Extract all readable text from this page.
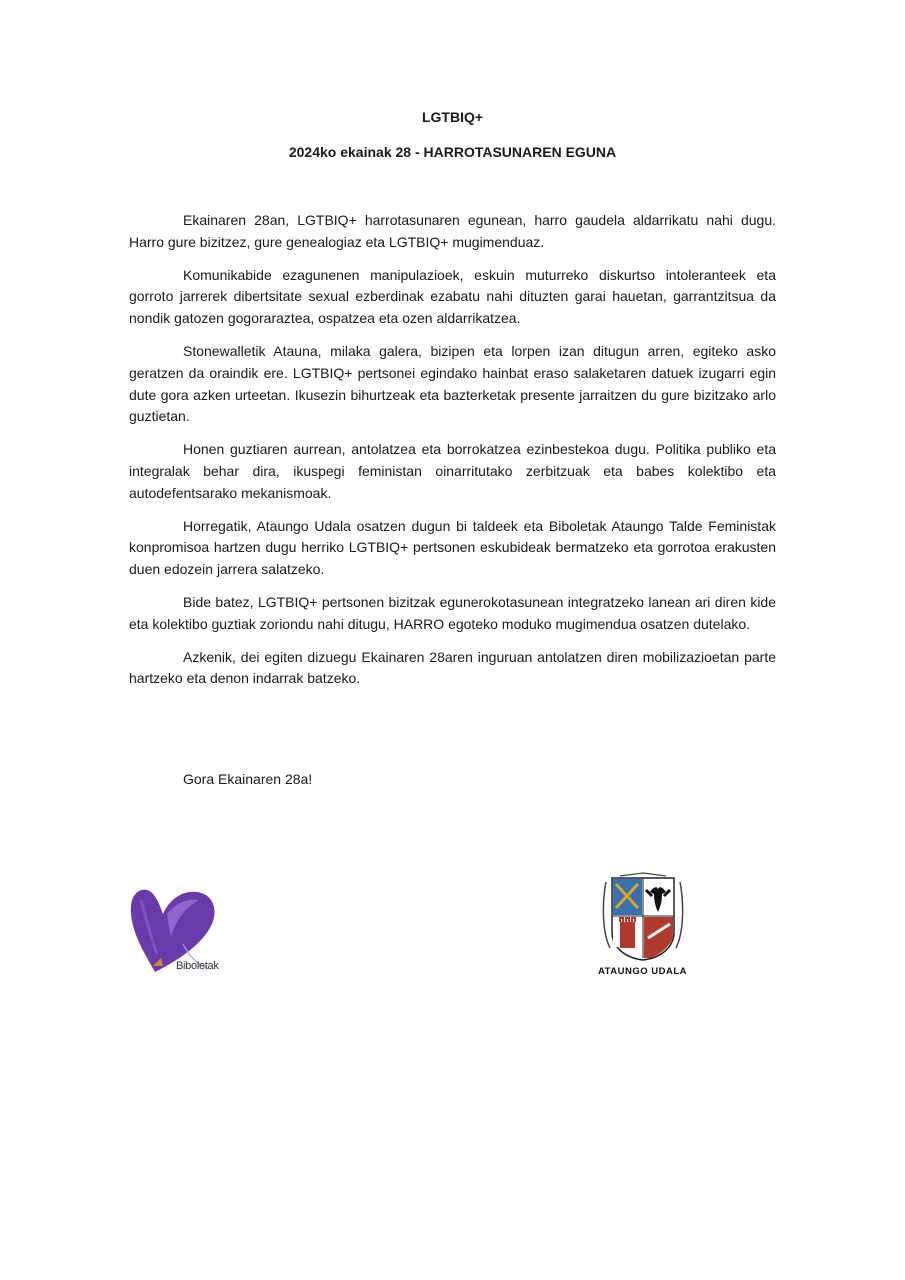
LGTBIQ+
2024ko ekainak 28 - HARROTASUNAREN EGUNA

Ekainaren 28an, LGTBIQ+ harrotasunaren egunean, harro gaudela aldarrikatu nahi dugu. Harro gure bizitzez, gure genealogiaz eta LGTBIQ+ mugimenduaz.

Komunikabide ezagunenen manipulazioek, eskuin muturreko diskurtso intoleranteek eta gorroto jarrerek dibertsitate sexual ezberdinak ezabatu nahi dituzten garai hauetan, garrantzitsua da nondik gatozen gogoraraztea, ospatzea eta ozen aldarrikatzea.

Stonewalletik Atauna, milaka galera, bizipen eta lorpen izan ditugun arren, egiteko asko geratzen da oraindik ere. LGTBIQ+ pertsonei egindako hainbat eraso salaketaren datuek izugarri egin dute gora azken urteetan. Ikusezin bihurtzeak eta bazterketak presente jarraitzen du gure bizitzako arlo guztietan.

Honen guztiaren aurrean, antolatzea eta borrokatzea ezinbestekoa dugu. Politika publiko eta integralak behar dira, ikuspegi feministan oinarritutako zerbitzuak eta babes kolektibo eta autodefentsarako mekanismoak.

Horregatik, Ataungo Udala osatzen dugun bi taldeek eta Biboletak Ataungo Talde Feministak konpromisoa hartzen dugu herriko LGTBIQ+ pertsonen eskubideak bermatzeko eta gorrotoa erakusten duen edozein jarrera salatzeko.

Bide batez, LGTBIQ+ pertsonen bizitzak egunerokotasunean integratzeko lanean ari diren kide eta kolektibo guztiak zoriondu nahi ditugu, HARRO egoteko moduko mugimendua osatzen dutelako.

Azkenik, dei egiten dizuegu Ekainaren 28aren inguruan antolatzen diren mobilizazioetan parte hartzeko eta denon indarrak batzeko.

Gora Ekainaren 28a!
Biboletak	ATAUNGO UDALA
